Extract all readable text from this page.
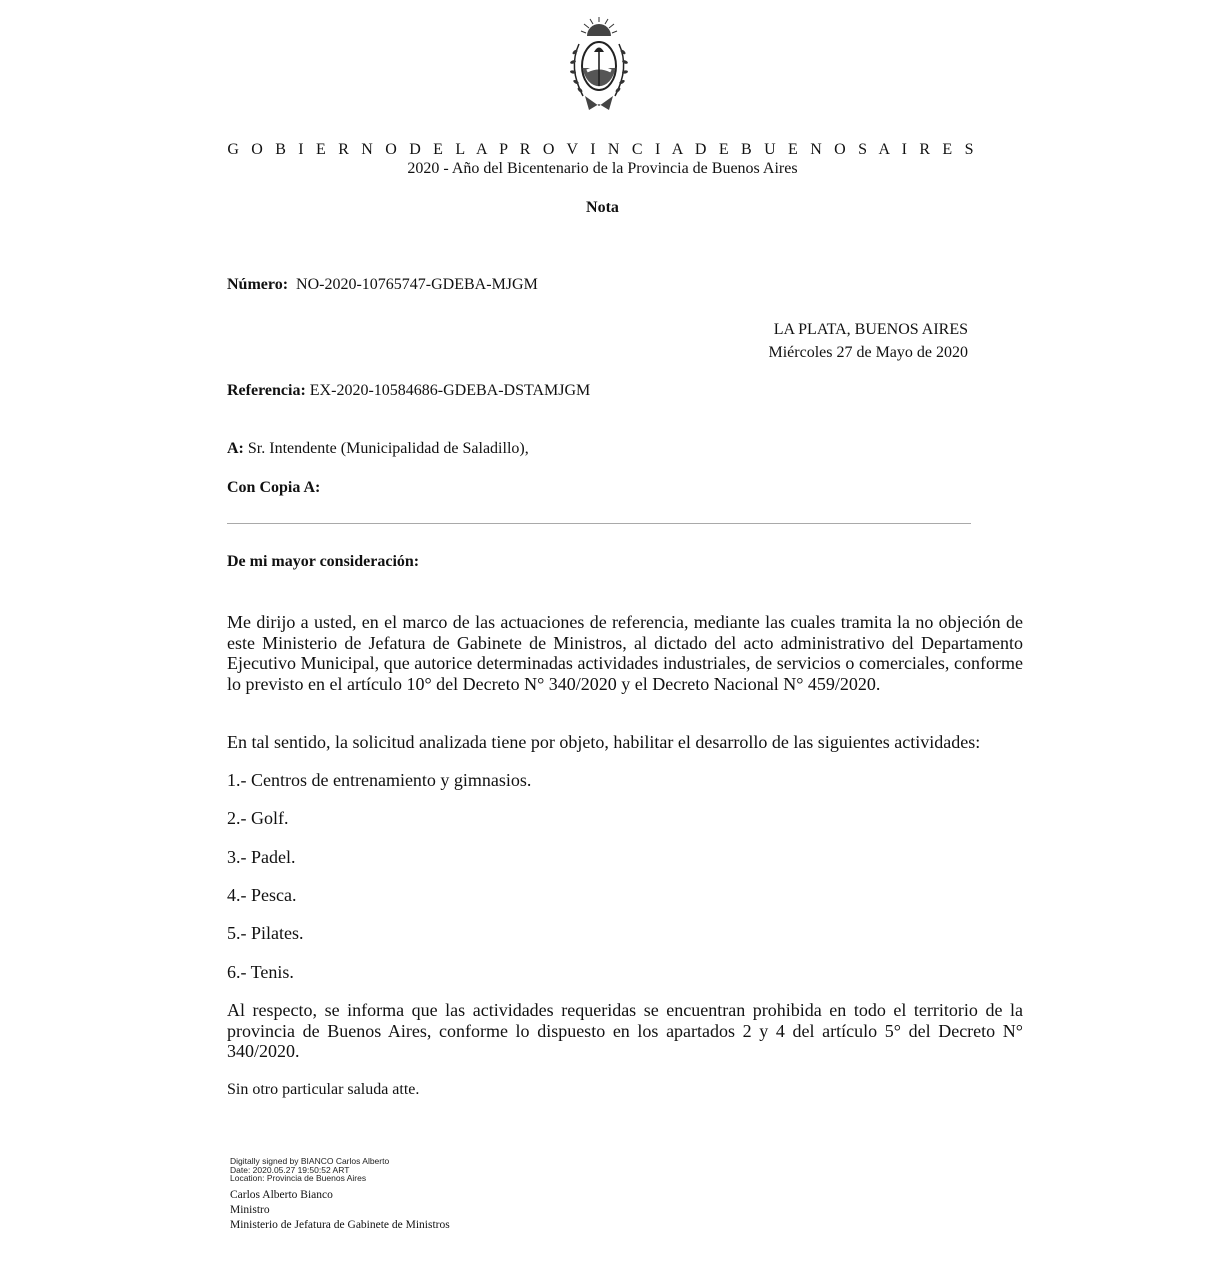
G O B I E R N O D E L A P R O V I N C I A D E B U E N O S A I R E S
2020 - Año del Bicentenario de la Provincia de Buenos Aires
Nota
Número: NO-2020-10765747-GDEBA-MJGM
LA PLATA, BUENOS AIRES
Miércoles 27 de Mayo de 2020
Referencia: EX-2020-10584686-GDEBA-DSTAMJGM
A: Sr. Intendente (Municipalidad de Saladillo),
Con Copia A:
De mi mayor consideración:
Me dirijo a usted, en el marco de las actuaciones de referencia, mediante las cuales tramita la no objeción de este Ministerio de Jefatura de Gabinete de Ministros, al dictado del acto administrativo del Departamento Ejecutivo Municipal, que autorice determinadas actividades industriales, de servicios o comerciales, conforme lo previsto en el artículo 10° del Decreto N° 340/2020 y el Decreto Nacional N° 459/2020.
En tal sentido, la solicitud analizada tiene por objeto, habilitar el desarrollo de las siguientes actividades:
1.- Centros de entrenamiento y gimnasios.
2.- Golf.
3.- Padel.
4.- Pesca.
5.- Pilates.
6.- Tenis.
Al respecto, se informa que las actividades requeridas se encuentran prohibida en todo el territorio de la provincia de Buenos Aires, conforme lo dispuesto en los apartados 2 y 4 del artículo 5° del Decreto N° 340/2020.
Sin otro particular saluda atte.
Digitally signed by BIANCO Carlos Alberto
Date: 2020.05.27 19:50:52 ART
Location: Provincia de Buenos Aires
Carlos Alberto Bianco
Ministro
Ministerio de Jefatura de Gabinete de Ministros
